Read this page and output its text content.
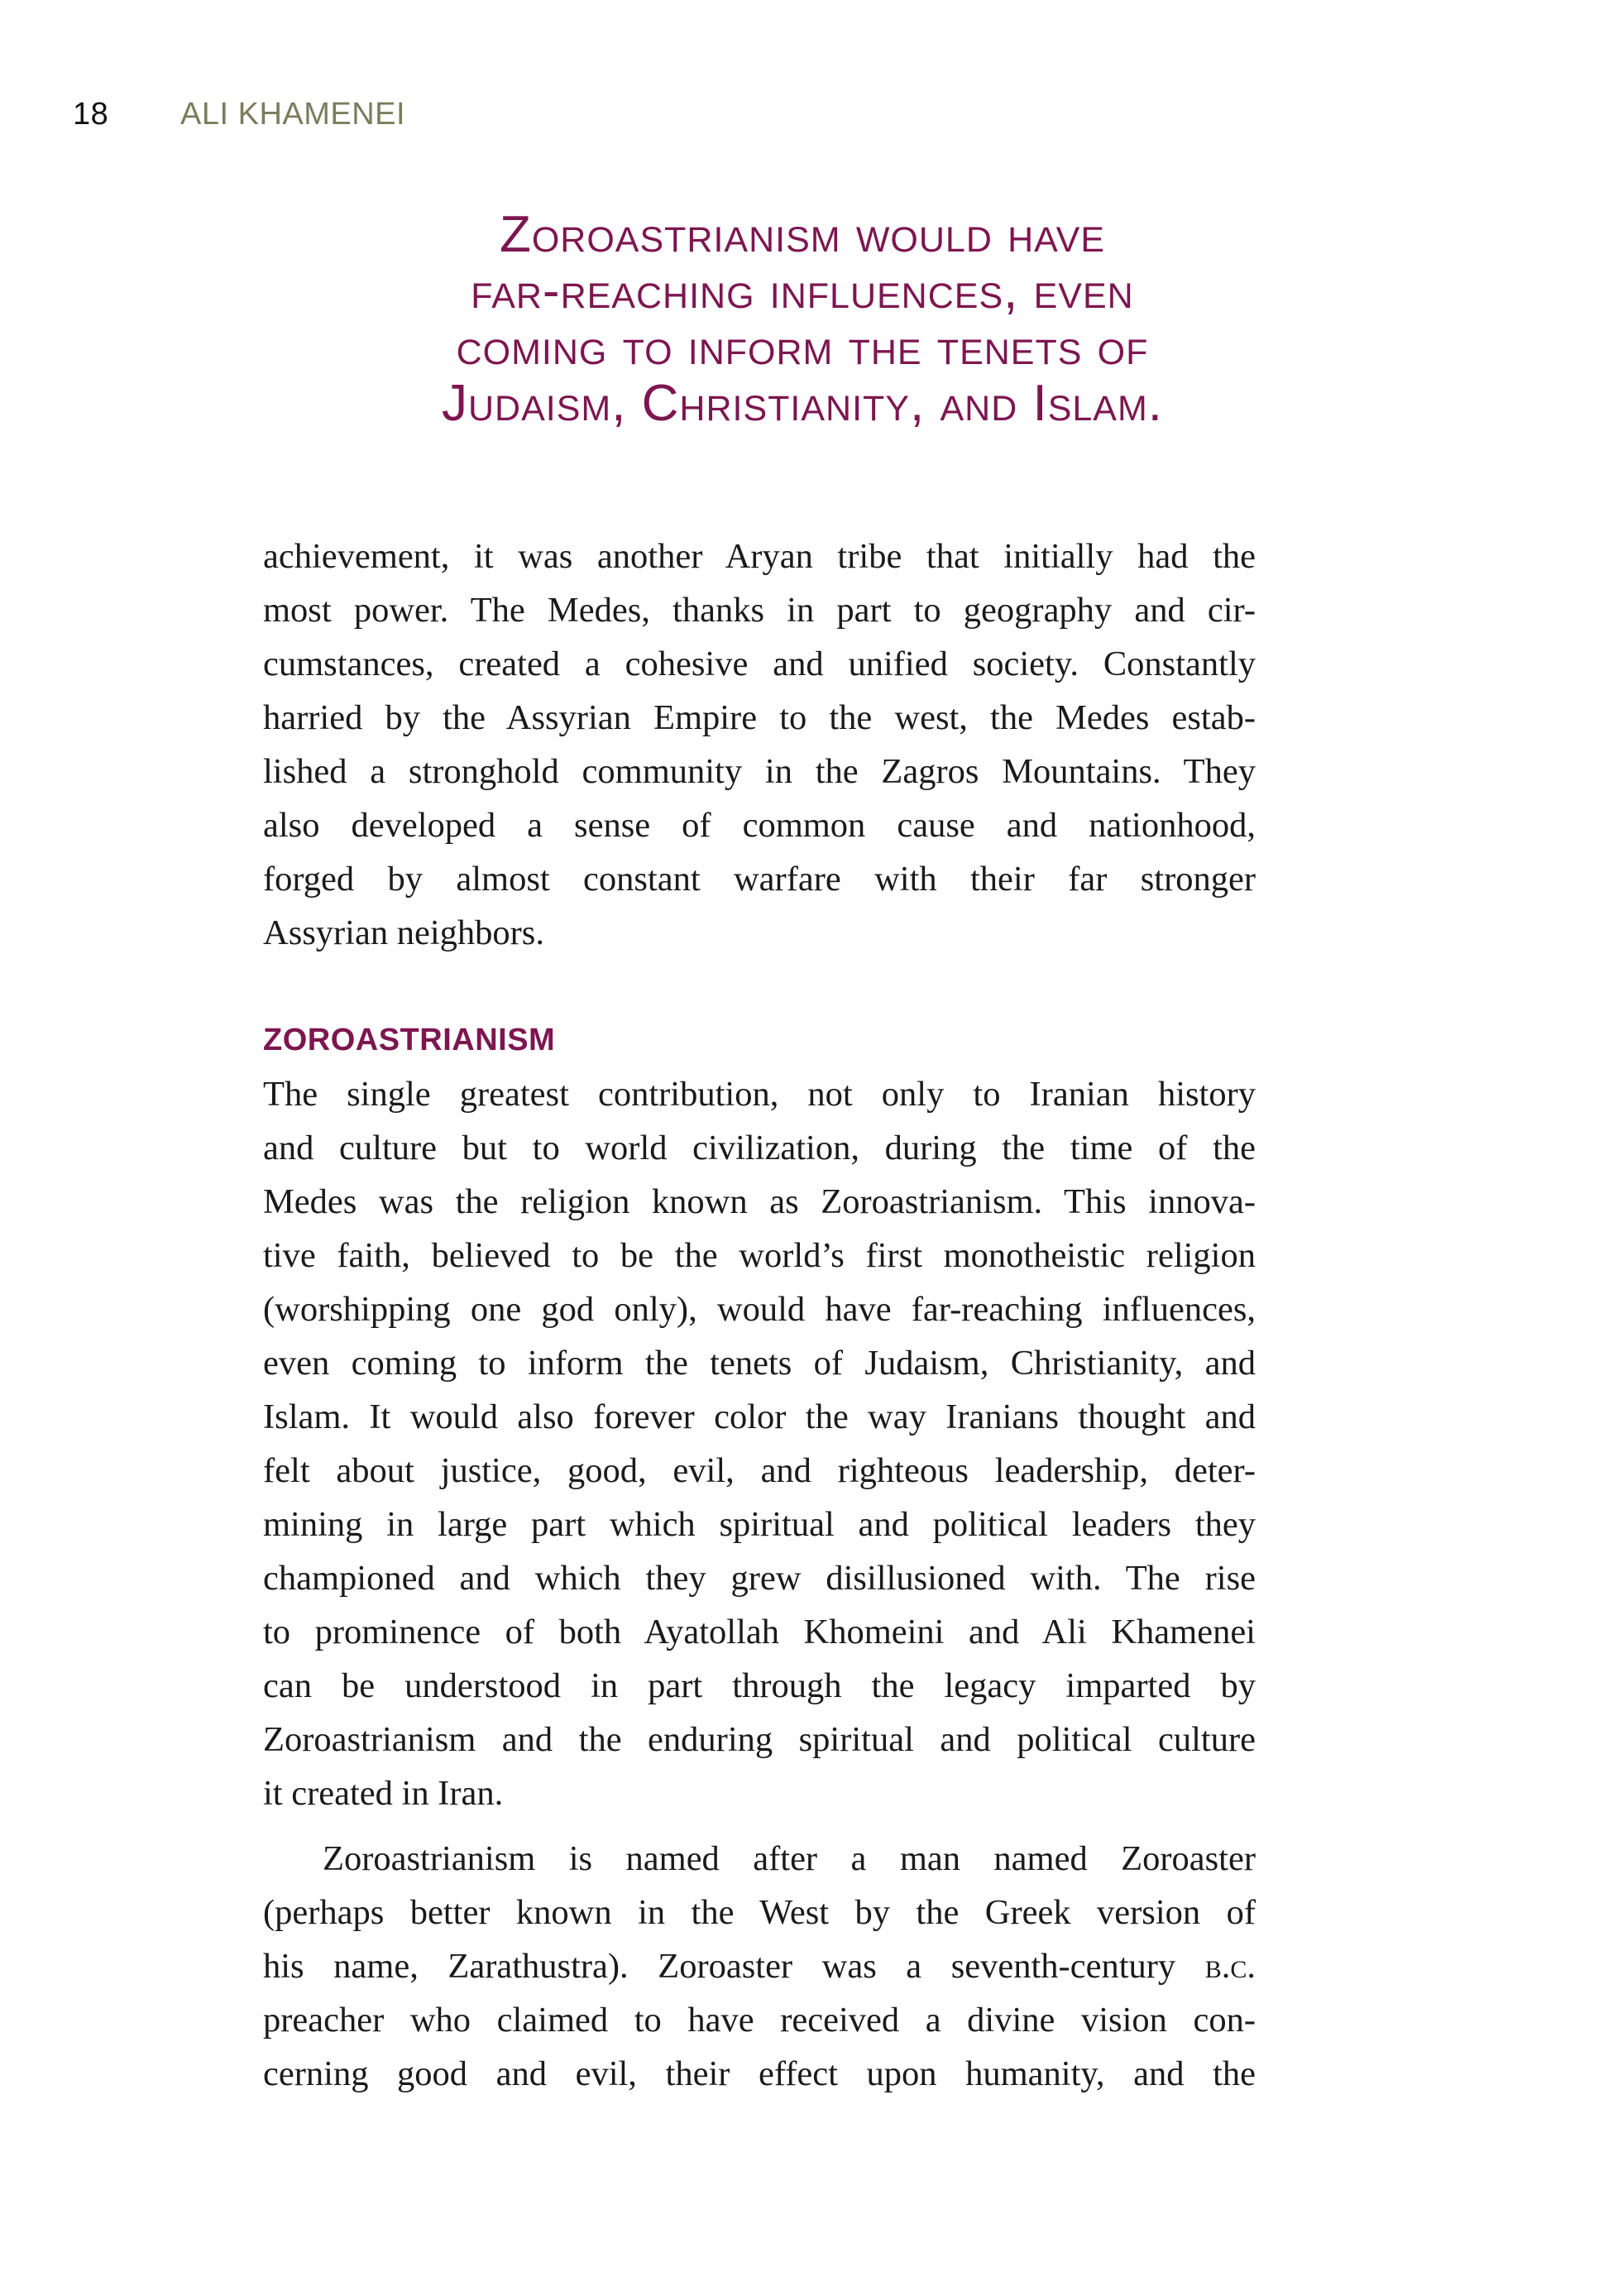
18	ALI KHAMENEI
Zoroastrianism would have
far-reaching influences, even
coming to inform the tenets of
Judaism, Christianity, and Islam.
achievement, it was another Aryan tribe that initially had the
most power. The Medes, thanks in part to geography and cir-
cumstances, created a cohesive and unified society. Constantly
harried by the Assyrian Empire to the west, the Medes estab-
lished a stronghold community in the Zagros Mountains. They
also developed a sense of common cause and nationhood,
forged by almost constant warfare with their far stronger
Assyrian neighbors.
ZOROASTRIANISM
The single greatest contribution, not only to Iranian history
and culture but to world civilization, during the time of the
Medes was the religion known as Zoroastrianism. This innova-
tive faith, believed to be the world’s first monotheistic religion
(worshipping one god only), would have far-reaching influences,
even coming to inform the tenets of Judaism, Christianity, and
Islam. It would also forever color the way Iranians thought and
felt about justice, good, evil, and righteous leadership, deter-
mining in large part which spiritual and political leaders they
championed and which they grew disillusioned with. The rise
to prominence of both Ayatollah Khomeini and Ali Khamenei
can be understood in part through the legacy imparted by
Zoroastrianism and the enduring spiritual and political culture
it created in Iran.
Zoroastrianism is named after a man named Zoroaster
(perhaps better known in the West by the Greek version of
his name, Zarathustra). Zoroaster was a seventh-century b.c.
preacher who claimed to have received a divine vision con-
cerning good and evil, their effect upon humanity, and the
